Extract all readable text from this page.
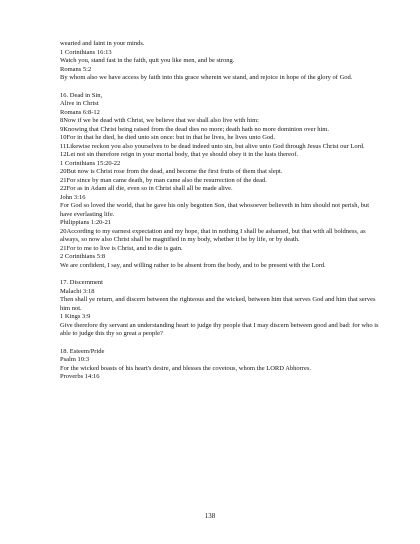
wearied and faint in your minds.
1 Corinthians 16:13
Watch you, stand fast in the faith, quit you like men, and be strong.
Romans 5:2
By whom also we have access by faith into this grace wherein we stand, and rejoice in hope of the glory of God.
16. Dead in Sin,
Alive in Christ
Romans 6:8-12
8Now if we be dead with Christ, we believe that we shall also live with him:
9Knowing that Christ being raised from the dead dies no more; death hath no more dominion over him.
10For in that he died, he died unto sin once: but in that he lives, he lives unto God.
11Likewise reckon you also yourselves to be dead indeed unto sin, but alive unto God through Jesus Christ our Lord.
12Let not sin therefore reign in your mortal body, that ye should obey it in the lusts thereof.
1 Corinthians 15:20-22
20But now is Christ rose from the dead, and become the first fruits of them that slept.
21For since by man came death, by man came also the resurrection of the dead.
22For as in Adam all die, even so in Christ shall all be made alive.
John 3:16
For God so loved the world, that he gave his only begotten Son, that whosoever believeth in him should not perish, but have everlasting life.
Philippians 1:20-21
20According to my earnest expectation and my hope, that in nothing I shall be ashamed, but that with all boldness, as always, so now also Christ shall be magnified in my body, whether it be by life, or by death.
21For to me to live is Christ, and to die is gain.
2 Corinthians 5:8
We are confident, I say, and willing rather to be absent from the body, and to be present with the Lord.
17. Discernment
Malachi 3:18
Then shall ye return, and discern between the righteous and the wicked, between him that serves God and him that serves him not.
1 Kings 3:9
Give therefore thy servant an understanding heart to judge thy people that I may discern between good and bad: for who is able to judge this thy so great a people?
18. Esteem/Pride
Psalm 10:3
For the wicked boasts of his heart's desire, and blesses the covetous, whom the LORD Abhorres.
Proverbs 14:16
138
